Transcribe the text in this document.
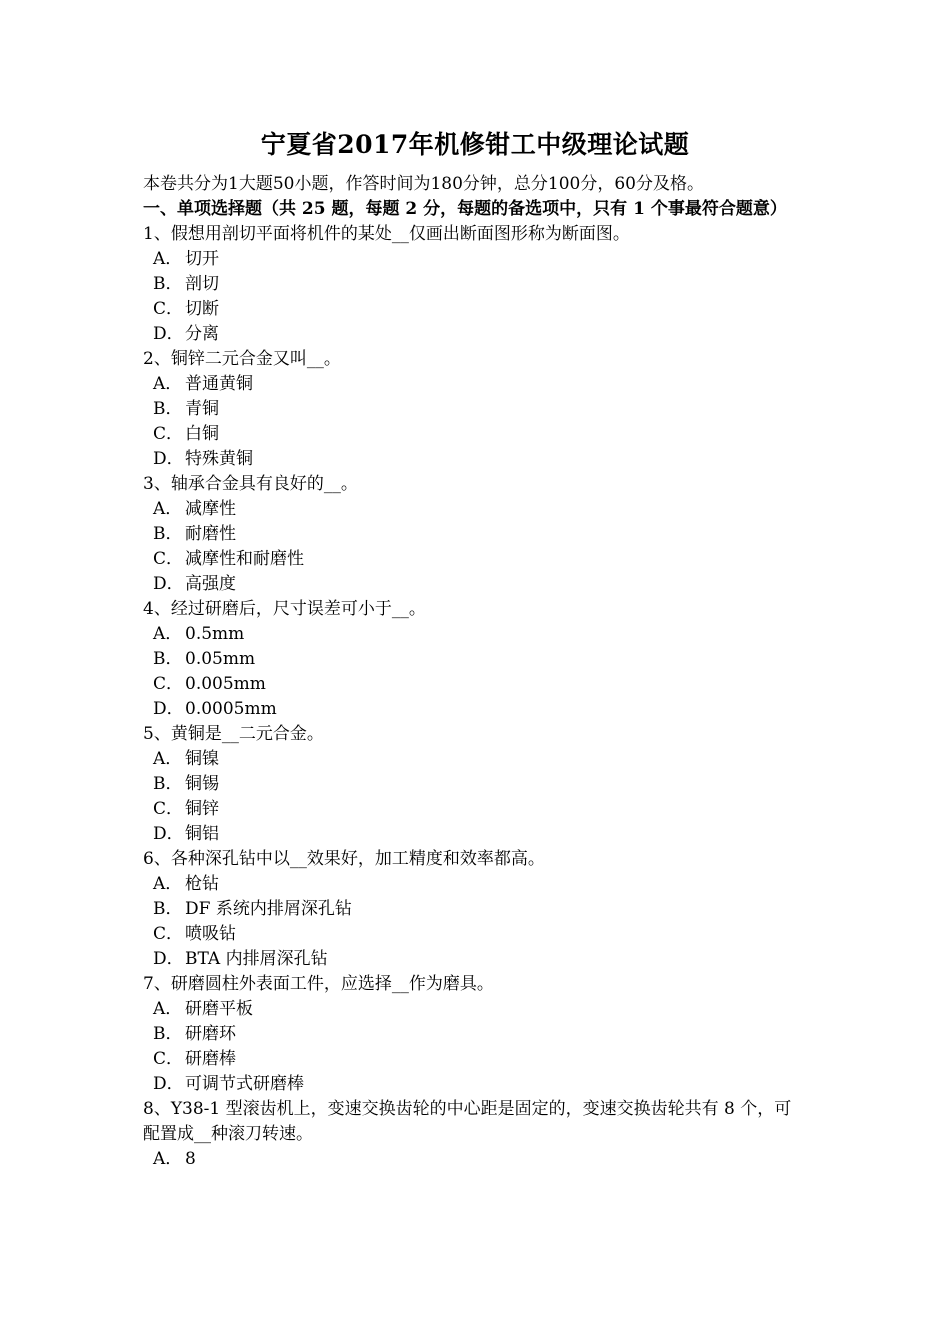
宁夏省2017年机修钳工中级理论试题
本卷共分为1大题50小题，作答时间为180分钟，总分100分，60分及格。
一、单项选择题（共 25 题，每题 2 分，每题的备选项中，只有 1 个事最符合题意）
1、假想用剖切平面将机件的某处__仅画出断面图形称为断面图。
A． 切开
B． 剖切
C． 切断
D．分离
2、铜锌二元合金又叫__。
A． 普通黄铜
B． 青铜
C． 白铜
D．特殊黄铜
3、轴承合金具有良好的__。
A． 减摩性
B． 耐磨性
C． 减摩性和耐磨性
D．高强度
4、经过研磨后，尺寸误差可小于__。
A． 0.5mm
B． 0.05mm
C． 0.005mm
D．0.0005mm
5、黄铜是__二元合金。
A． 铜镍
B． 铜锡
C． 铜锌
D．铜铝
6、各种深孔钻中以__效果好，加工精度和效率都高。
A． 枪钻
B． DF 系统内排屑深孔钻
C． 喷吸钻
D．BTA 内排屑深孔钻
7、研磨圆柱外表面工件，应选择__作为磨具。
A． 研磨平板
B． 研磨环
C． 研磨棒
D．可调节式研磨棒
8、Y38-1 型滚齿机上，变速交换齿轮的中心距是固定的，变速交换齿轮共有 8 个，可配置成__种滚刀转速。
A． 8
